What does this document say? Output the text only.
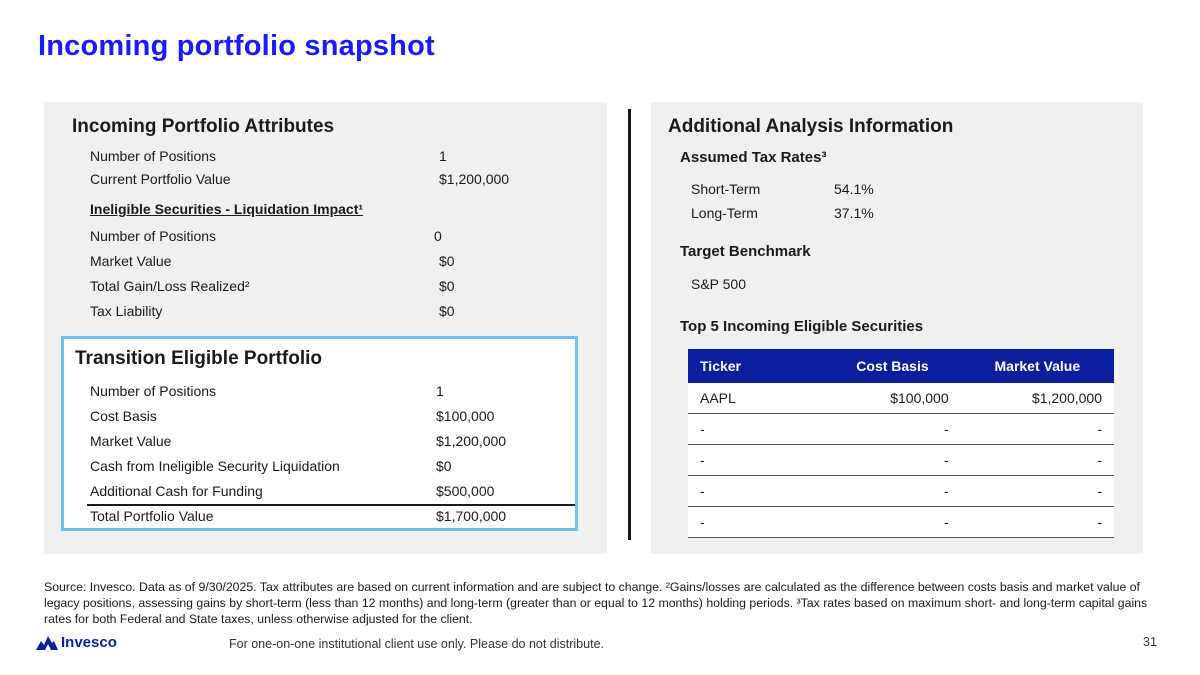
Incoming portfolio snapshot
Incoming Portfolio Attributes
Number of Positions	1
Current Portfolio Value	$1,200,000
Ineligible Securities - Liquidation Impact¹
Number of Positions	0
Market Value	$0
Total Gain/Loss Realized²	$0
Tax Liability	$0
Transition Eligible Portfolio
Number of Positions	1
Cost Basis	$100,000
Market Value	$1,200,000
Cash from Ineligible Security Liquidation	$0
Additional Cash for Funding	$500,000
Total Portfolio Value	$1,700,000
Additional Analysis Information
Assumed Tax Rates³
Short-Term	54.1%
Long-Term	37.1%
Target Benchmark
S&P 500
Top 5 Incoming Eligible Securities
Ticker	Cost Basis	Market Value
AAPL	$100,000	$1,200,000
-	-	-
-	-	-
-	-	-
-	-	-
Source: Invesco. Data as of 9/30/2025. Tax attributes are based on current information and are subject to change. ²Gains/losses are calculated as the difference between costs basis and market value of legacy positions, assessing gains by short-term (less than 12 months) and long-term (greater than or equal to 12 months) holding periods. ³Tax rates based on maximum short- and long-term capital gains rates for both Federal and State taxes, unless otherwise adjusted for the client.
Invesco	For one-on-one institutional client use only. Please do not distribute.	31
